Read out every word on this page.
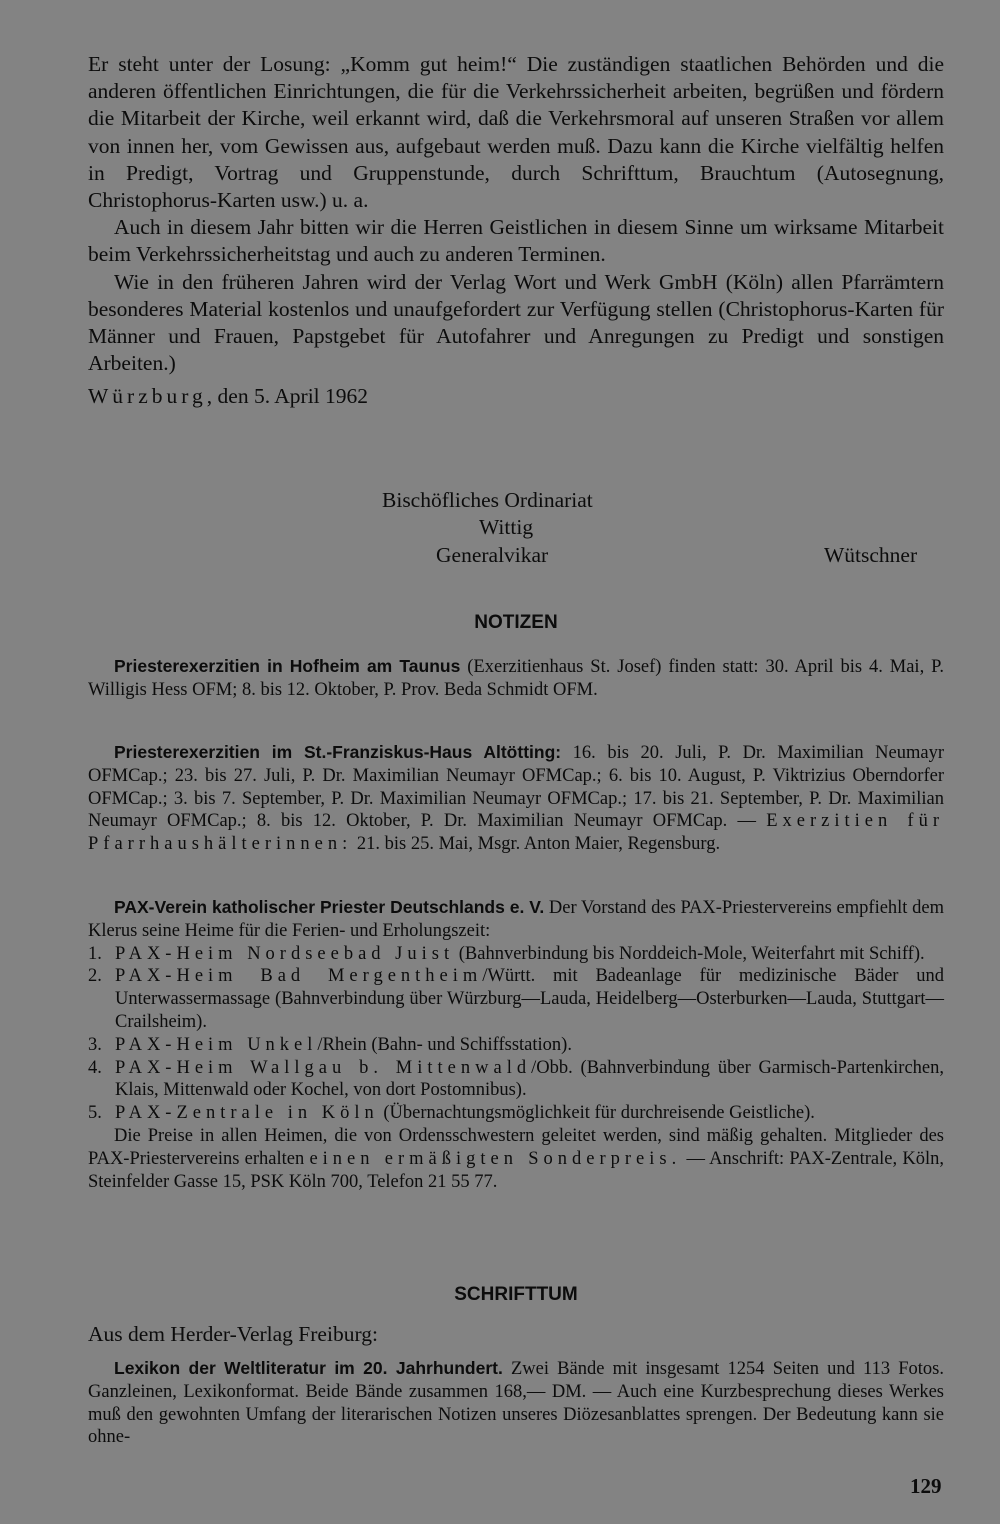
Er steht unter der Losung: „Komm gut heim!“ Die zuständigen staatlichen Behörden und die anderen öffentlichen Einrichtungen, die für die Verkehrssicherheit arbeiten, begrüßen und fördern die Mitarbeit der Kirche, weil erkannt wird, daß die Verkehrsmoral auf unseren Straßen vor allem von innen her, vom Gewissen aus, aufgebaut werden muß. Dazu kann die Kirche vielfältig helfen in Predigt, Vortrag und Gruppenstunde, durch Schrifttum, Brauchtum (Autosegnung, Christophorus-Karten usw.) u. a.

Auch in diesem Jahr bitten wir die Herren Geistlichen in diesem Sinne um wirksame Mitarbeit beim Verkehrssicherheitstag und auch zu anderen Terminen.

Wie in den früheren Jahren wird der Verlag Wort und Werk GmbH (Köln) allen Pfarrämtern besonderes Material kostenlos und unaufgefordert zur Verfügung stellen (Christophorus-Karten für Männer und Frauen, Papstgebet für Autofahrer und Anregungen zu Predigt und sonstigen Arbeiten.)

Würzburg, den 5. April 1962

Bischöfliches Ordinariat
Wittig
Generalvikar	Wütschner
NOTIZEN

Priesterexerzitien in Hofheim am Taunus (Exerzitienhaus St. Josef) finden statt: 30. April bis 4. Mai, P. Willigis Hess OFM; 8. bis 12. Oktober, P. Prov. Beda Schmidt OFM.

Priesterexerzitien im St.-Franziskus-Haus Altötting: 16. bis 20. Juli, P. Dr. Maximilian Neumayr OFMCap.; 23. bis 27. Juli, P. Dr. Maximilian Neumayr OFMCap.; 6. bis 10. August, P. Viktrizius Oberndorfer OFMCap.; 3. bis 7. September, P. Dr. Maximilian Neumayr OFMCap.; 17. bis 21. September, P. Dr. Maximilian Neumayr OFMCap.; 8. bis 12. Oktober, P. Dr. Maximilian Neumayr OFMCap. — Exerzitien für Pfarrhaushälterinnen: 21. bis 25. Mai, Msgr. Anton Maier, Regensburg.

PAX-Verein katholischer Priester Deutschlands e. V. Der Vorstand des PAX-Priestervereins empfiehlt dem Klerus seine Heime für die Ferien- und Erholungszeit:

1. PAX-Heim Nordseebad Juist (Bahnverbindung bis Norddeich-Mole, Weiterfahrt mit Schiff).
2. PAX-Heim Bad Mergentheim/Württ. mit Badeanlage für medizinische Bäder und Unterwassermassage (Bahnverbindung über Würzburg—Lauda, Heidelberg—Osterburken—Lauda, Stuttgart—Crailsheim).
3. PAX-Heim Unkel/Rhein (Bahn- und Schiffsstation).
4. PAX-Heim Wallgau b. Mittenwald/Obb. (Bahnverbindung über Garmisch-Partenkirchen, Klais, Mittenwald oder Kochel, von dort Postomnibus).
5. PAX-Zentrale in Köln (Übernachtungsmöglichkeit für durchreisende Geistliche).

Die Preise in allen Heimen, die von Ordensschwestern geleitet werden, sind mäßig gehalten. Mitglieder des PAX-Priestervereins erhalten einen ermäßigten Sonderpreis. — Anschrift: PAX-Zentrale, Köln, Steinfelder Gasse 15, PSK Köln 700, Telefon 21 55 77.

SCHRIFTTUM
Aus dem Herder-Verlag Freiburg:

Lexikon der Weltliteratur im 20. Jahrhundert. Zwei Bände mit insgesamt 1254 Seiten und 113 Fotos. Ganzleinen, Lexikonformat. Beide Bände zusammen 168,— DM. — Auch eine Kurzbesprechung dieses Werkes muß den gewohnten Umfang der literarischen Notizen unseres Diözesanblattes sprengen. Der Bedeutung kann sie ohne-

129
